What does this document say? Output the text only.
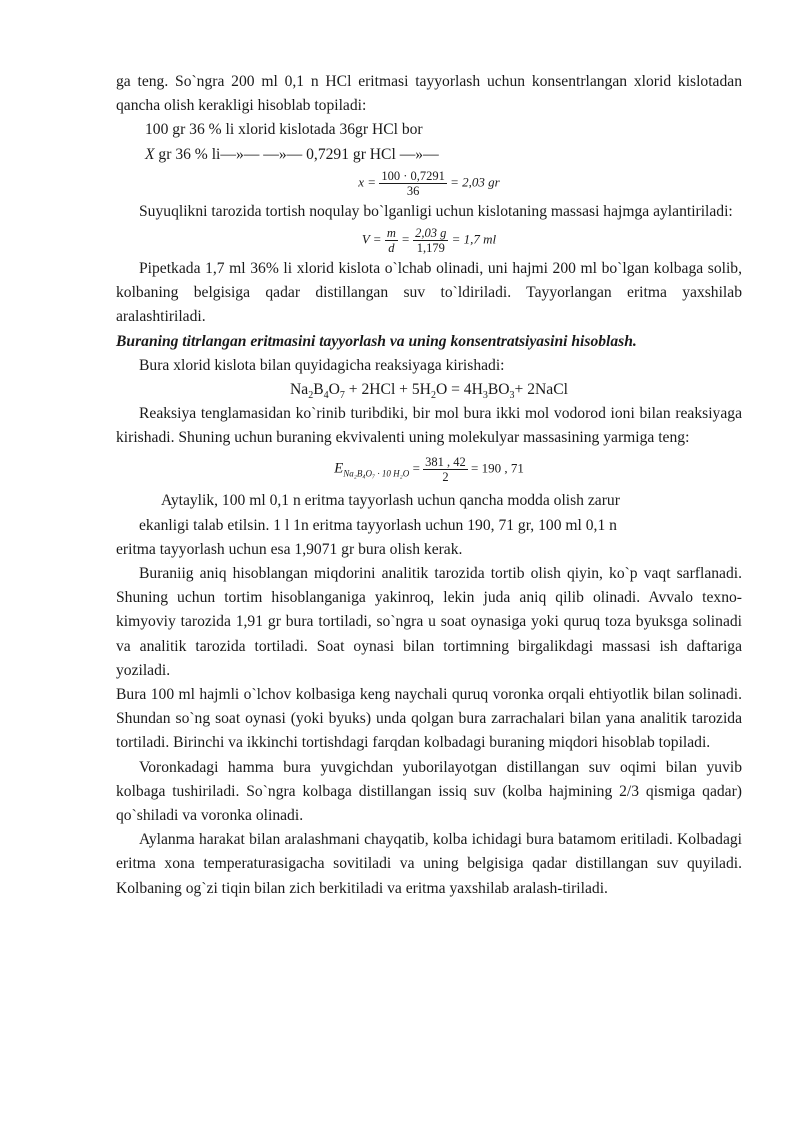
ga teng. So`ngra 200 ml 0,1 n HCl eritmasi tayyorlash uchun konsentrlangan xlorid kislotadan qancha olish kerakligi hisoblab topiladi:

100 gr 36 % li xlorid kislotada 36gr HCl bor
X gr 36 % li—»— —»— 0,7291 gr HCl —»—
$x = \frac{100 \cdot 0,7291}{36} = 2,03$ gr

Suyuqlikni tarozida tortish noqulay bo`lganligi uchun kislotaning massasi hajmga aylantiriladi:

$V = \frac{m}{d} = \frac{2,03 g}{1,179} = 1,7$ ml

Pipetkada 1,7 ml 36% li xlorid kislota o`lchab olinadi, uni hajmi 200 ml bo`lgan kolbaga solib, kolbaning belgisiga qadar distillangan suv to`ldiriladi. Tayyorlangan eritma yaxshilab aralashtiriladi.

Buraning titrlangan eritmasini tayyorlash va uning konsentratsiyasini hisoblash.

Bura xlorid kislota bilan quyidagicha reaksiyaga kirishadi:

$Na_2B_4O_7 + 2HCl + 5H_2O = 4H_3BO_3+$ 2NaCl

Reaksiya tenglamasidan ko`rinib turibdiki, bir mol bura ikki mol vodorod ioni bilan reaksiyaga kirishadi. Shuning uchun buraning ekvivalenti uning molekulyar massasining yarmiga teng:

$E_{Na_2B_4O_7 \cdot 10 H_2O} = \frac{381 , 42}{2} = 190$ , 71
Aytaylik, 100 ml 0,1 n eritma tayyorlash uchun qancha modda olish zarur
ekanligi talab etilsin. 1 l 1n eritma tayyorlash uchun 190, 71 gr, 100 ml 0,1 n
eritma tayyorlash uchun esa 1,9071 gr bura olish kerak.

Buraniig aniq hisoblangan miqdorini analitik tarozida tortib olish qiyin, ko`p vaqt sarflanadi. Shuning uchun tortim hisoblanganiga yakinroq, lekin juda aniq qilib olinadi. Avvalo texno-kimyoviy tarozida 1,91 gr bura tortiladi, so`ngra u soat oynasiga yoki quruq toza byuksga solinadi va analitik tarozida tortiladi. Soat oynasi bilan tortimning birgalikdagi massasi ish daftariga yoziladi.

Bura 100 ml hajmli o`lchov kolbasiga keng naychali quruq voronka orqali ehtiyotlik bilan solinadi. Shundan so`ng soat oynasi (yoki byuks) unda qolgan bura zarrachalari bilan yana analitik tarozida tortiladi. Birinchi va ikkinchi tortishdagi farqdan kolbadagi buraning miqdori hisoblab topiladi.

Voronkadagi hamma bura yuvgichdan yuborilayotgan distillangan suv oqimi bilan yuvib kolbaga tushiriladi. So`ngra kolbaga distillangan issiq suv (kolba hajmining 2/3 qismiga qadar) qo`shiladi va voronka olinadi.

Aylanma harakat bilan aralashmani chayqatib, kolba ichidagi bura batamom eritiladi. Kolbadagi eritma xona temperaturasigacha sovitiladi va uning belgisiga qadar distillangan suv quyiladi. Kolbaning og`zi tiqin bilan zich berkitiladi va eritma yaxshilab aralash-tiriladi.
